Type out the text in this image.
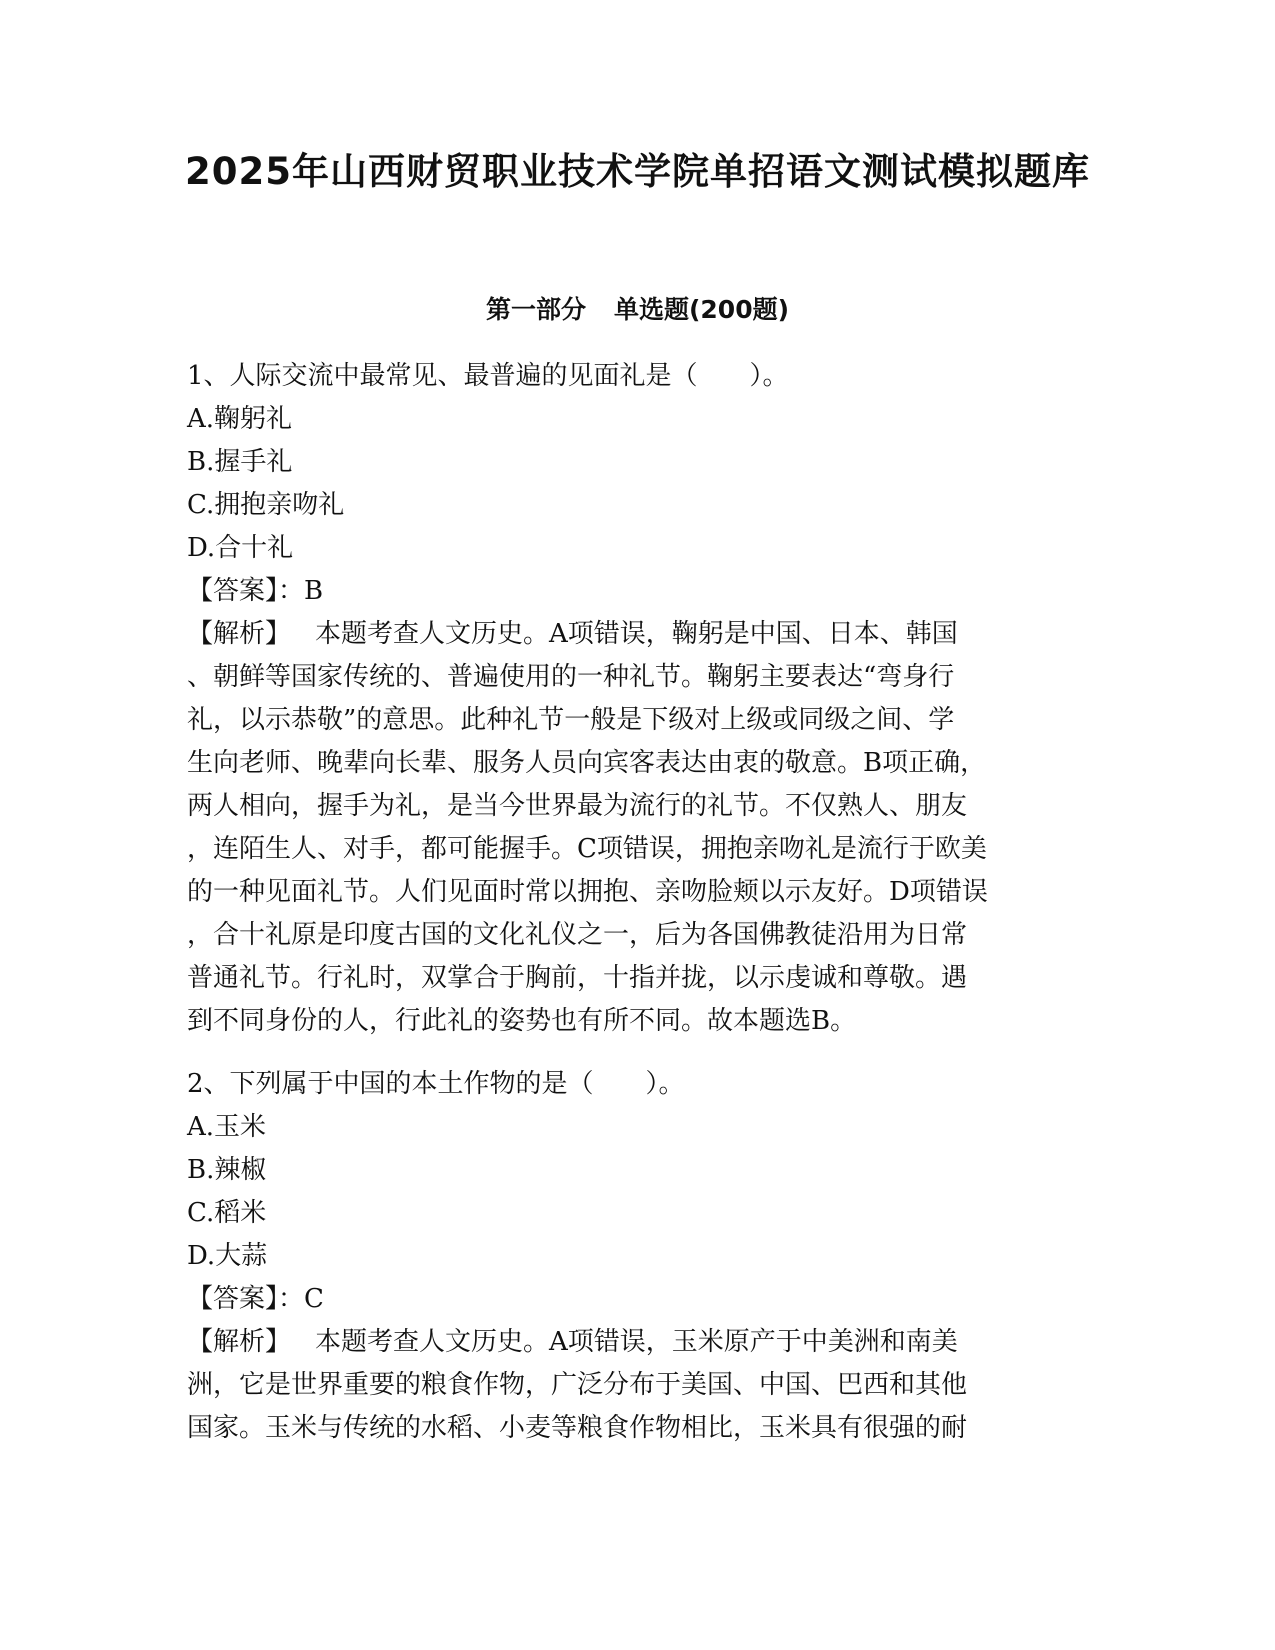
2025年山西财贸职业技术学院单招语文测试模拟题库
第一部分 单选题(200题)
1、人际交流中最常见、最普遍的见面礼是（　　）。
A.鞠躬礼
B.握手礼
C.拥抱亲吻礼
D.合十礼
【答案】：B
【解析】 本题考查人文历史。A项错误，鞠躬是中国、日本、韩国
、朝鲜等国家传统的、普遍使用的一种礼节。鞠躬主要表达“弯身行
礼，以示恭敬”的意思。此种礼节一般是下级对上级或同级之间、学
生向老师、晚辈向长辈、服务人员向宾客表达由衷的敬意。B项正确，
两人相向，握手为礼，是当今世界最为流行的礼节。不仅熟人、朋友
，连陌生人、对手，都可能握手。C项错误，拥抱亲吻礼是流行于欧美
的一种见面礼节。人们见面时常以拥抱、亲吻脸颊以示友好。D项错误
，合十礼原是印度古国的文化礼仪之一，后为各国佛教徒沿用为日常
普通礼节。行礼时，双掌合于胸前，十指并拢，以示虔诚和尊敬。遇
到不同身份的人，行此礼的姿势也有所不同。故本题选B。
2、下列属于中国的本土作物的是（　　）。
A.玉米
B.辣椒
C.稻米
D.大蒜
【答案】：C
【解析】 本题考查人文历史。A项错误，玉米原产于中美洲和南美
洲，它是世界重要的粮食作物，广泛分布于美国、中国、巴西和其他
国家。玉米与传统的水稻、小麦等粮食作物相比，玉米具有很强的耐
